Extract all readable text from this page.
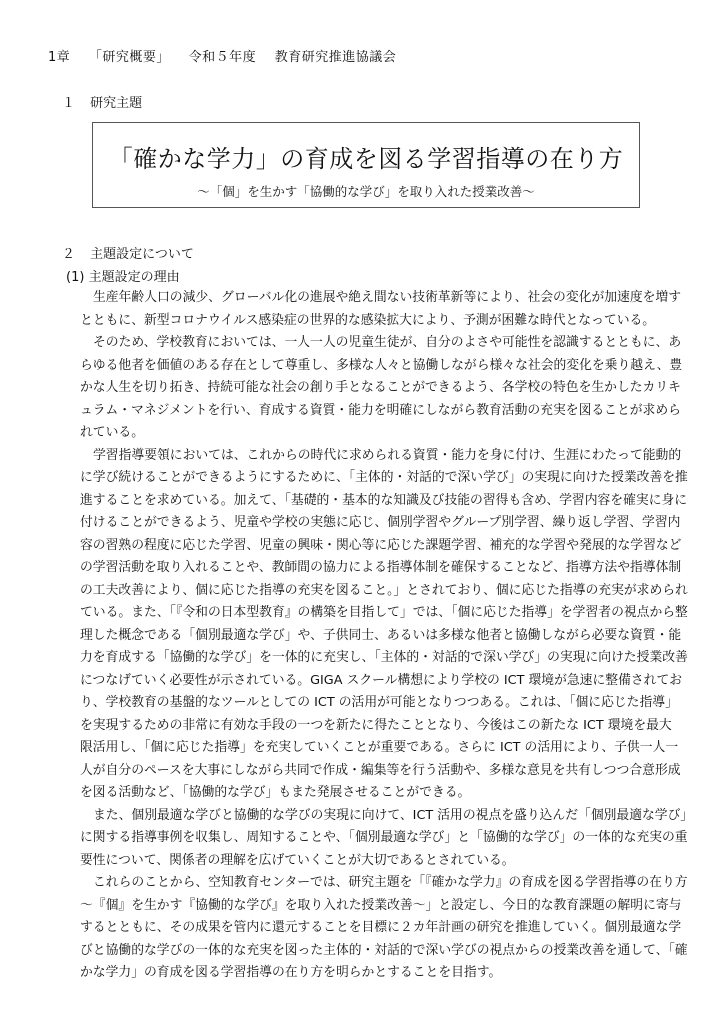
1章 「研究概要」 令和５年度 教育研究推進協議会
１ 研究主題
「確かな学力」の育成を図る学習指導の在り方
～「個」を生かす「協働的な学び」を取り入れた授業改善～
２ 主題設定について
(1) 主題設定の理由
生産年齢人口の減少、グローバル化の進展や絶え間ない技術革新等により、社会の変化が加速度を増す
とともに、新型コロナウイルス感染症の世界的な感染拡大により、予測が困難な時代となっている。
そのため、学校教育においては、一人一人の児童生徒が、自分のよさや可能性を認識するとともに、あ
らゆる他者を価値のある存在として尊重し、多様な人々と協働しながら様々な社会的変化を乗り越え、豊
かな人生を切り拓き、持続可能な社会の創り手となることができるよう、各学校の特色を生かしたカリキ
ュラム・マネジメントを行い、育成する資質・能力を明確にしながら教育活動の充実を図ることが求めら
れている。
学習指導要領においては、これからの時代に求められる資質・能力を身に付け、生涯にわたって能動的
に学び続けることができるようにするために、「主体的・対話的で深い学び」の実現に向けた授業改善を推
進することを求めている。加えて、「基礎的・基本的な知識及び技能の習得も含め、学習内容を確実に身に
付けることができるよう、児童や学校の実態に応じ、個別学習やグループ別学習、繰り返し学習、学習内
容の習熟の程度に応じた学習、児童の興味・関心等に応じた課題学習、補充的な学習や発展的な学習など
の学習活動を取り入れることや、教師間の協力による指導体制を確保することなど、指導方法や指導体制
の工夫改善により、個に応じた指導の充実を図ること。」とされており、個に応じた指導の充実が求められ
ている。また、「『令和の日本型教育』の構築を目指して」では、「個に応じた指導」を学習者の視点から整
理した概念である「個別最適な学び」や、子供同士、あるいは多様な他者と協働しながら必要な資質・能
力を育成する「協働的な学び」を一体的に充実し、「主体的・対話的で深い学び」の実現に向けた授業改善
につなげていく必要性が示されている。GIGA スクール構想により学校の ICT 環境が急速に整備されてお
り、学校教育の基盤的なツールとしての ICT の活用が可能となりつつある。これは、「個に応じた指導」
を実現するための非常に有効な手段の一つを新たに得たこととなり、今後はこの新たな ICT 環境を最大
限活用し、「個に応じた指導」を充実していくことが重要である。さらに ICT の活用により、子供一人一
人が自分のペースを大事にしながら共同で作成・編集等を行う活動や、多様な意見を共有しつつ合意形成
を図る活動など、「協働的な学び」もまた発展させることができる。
また、個別最適な学びと協働的な学びの実現に向けて、ICT 活用の視点を盛り込んだ「個別最適な学び」
に関する指導事例を収集し、周知することや、「個別最適な学び」と「協働的な学び」の一体的な充実の重
要性について、関係者の理解を広げていくことが大切であるとされている。
これらのことから、空知教育センターでは、研究主題を「『確かな学力』の育成を図る学習指導の在り方
～『個』を生かす『協働的な学び』を取り入れた授業改善～」と設定し、今日的な教育課題の解明に寄与
するとともに、その成果を管内に還元することを目標に２カ年計画の研究を推進していく。個別最適な学
びと協働的な学びの一体的な充実を図った主体的・対話的で深い学びの視点からの授業改善を通して、「確
かな学力」の育成を図る学習指導の在り方を明らかとすることを目指す。
